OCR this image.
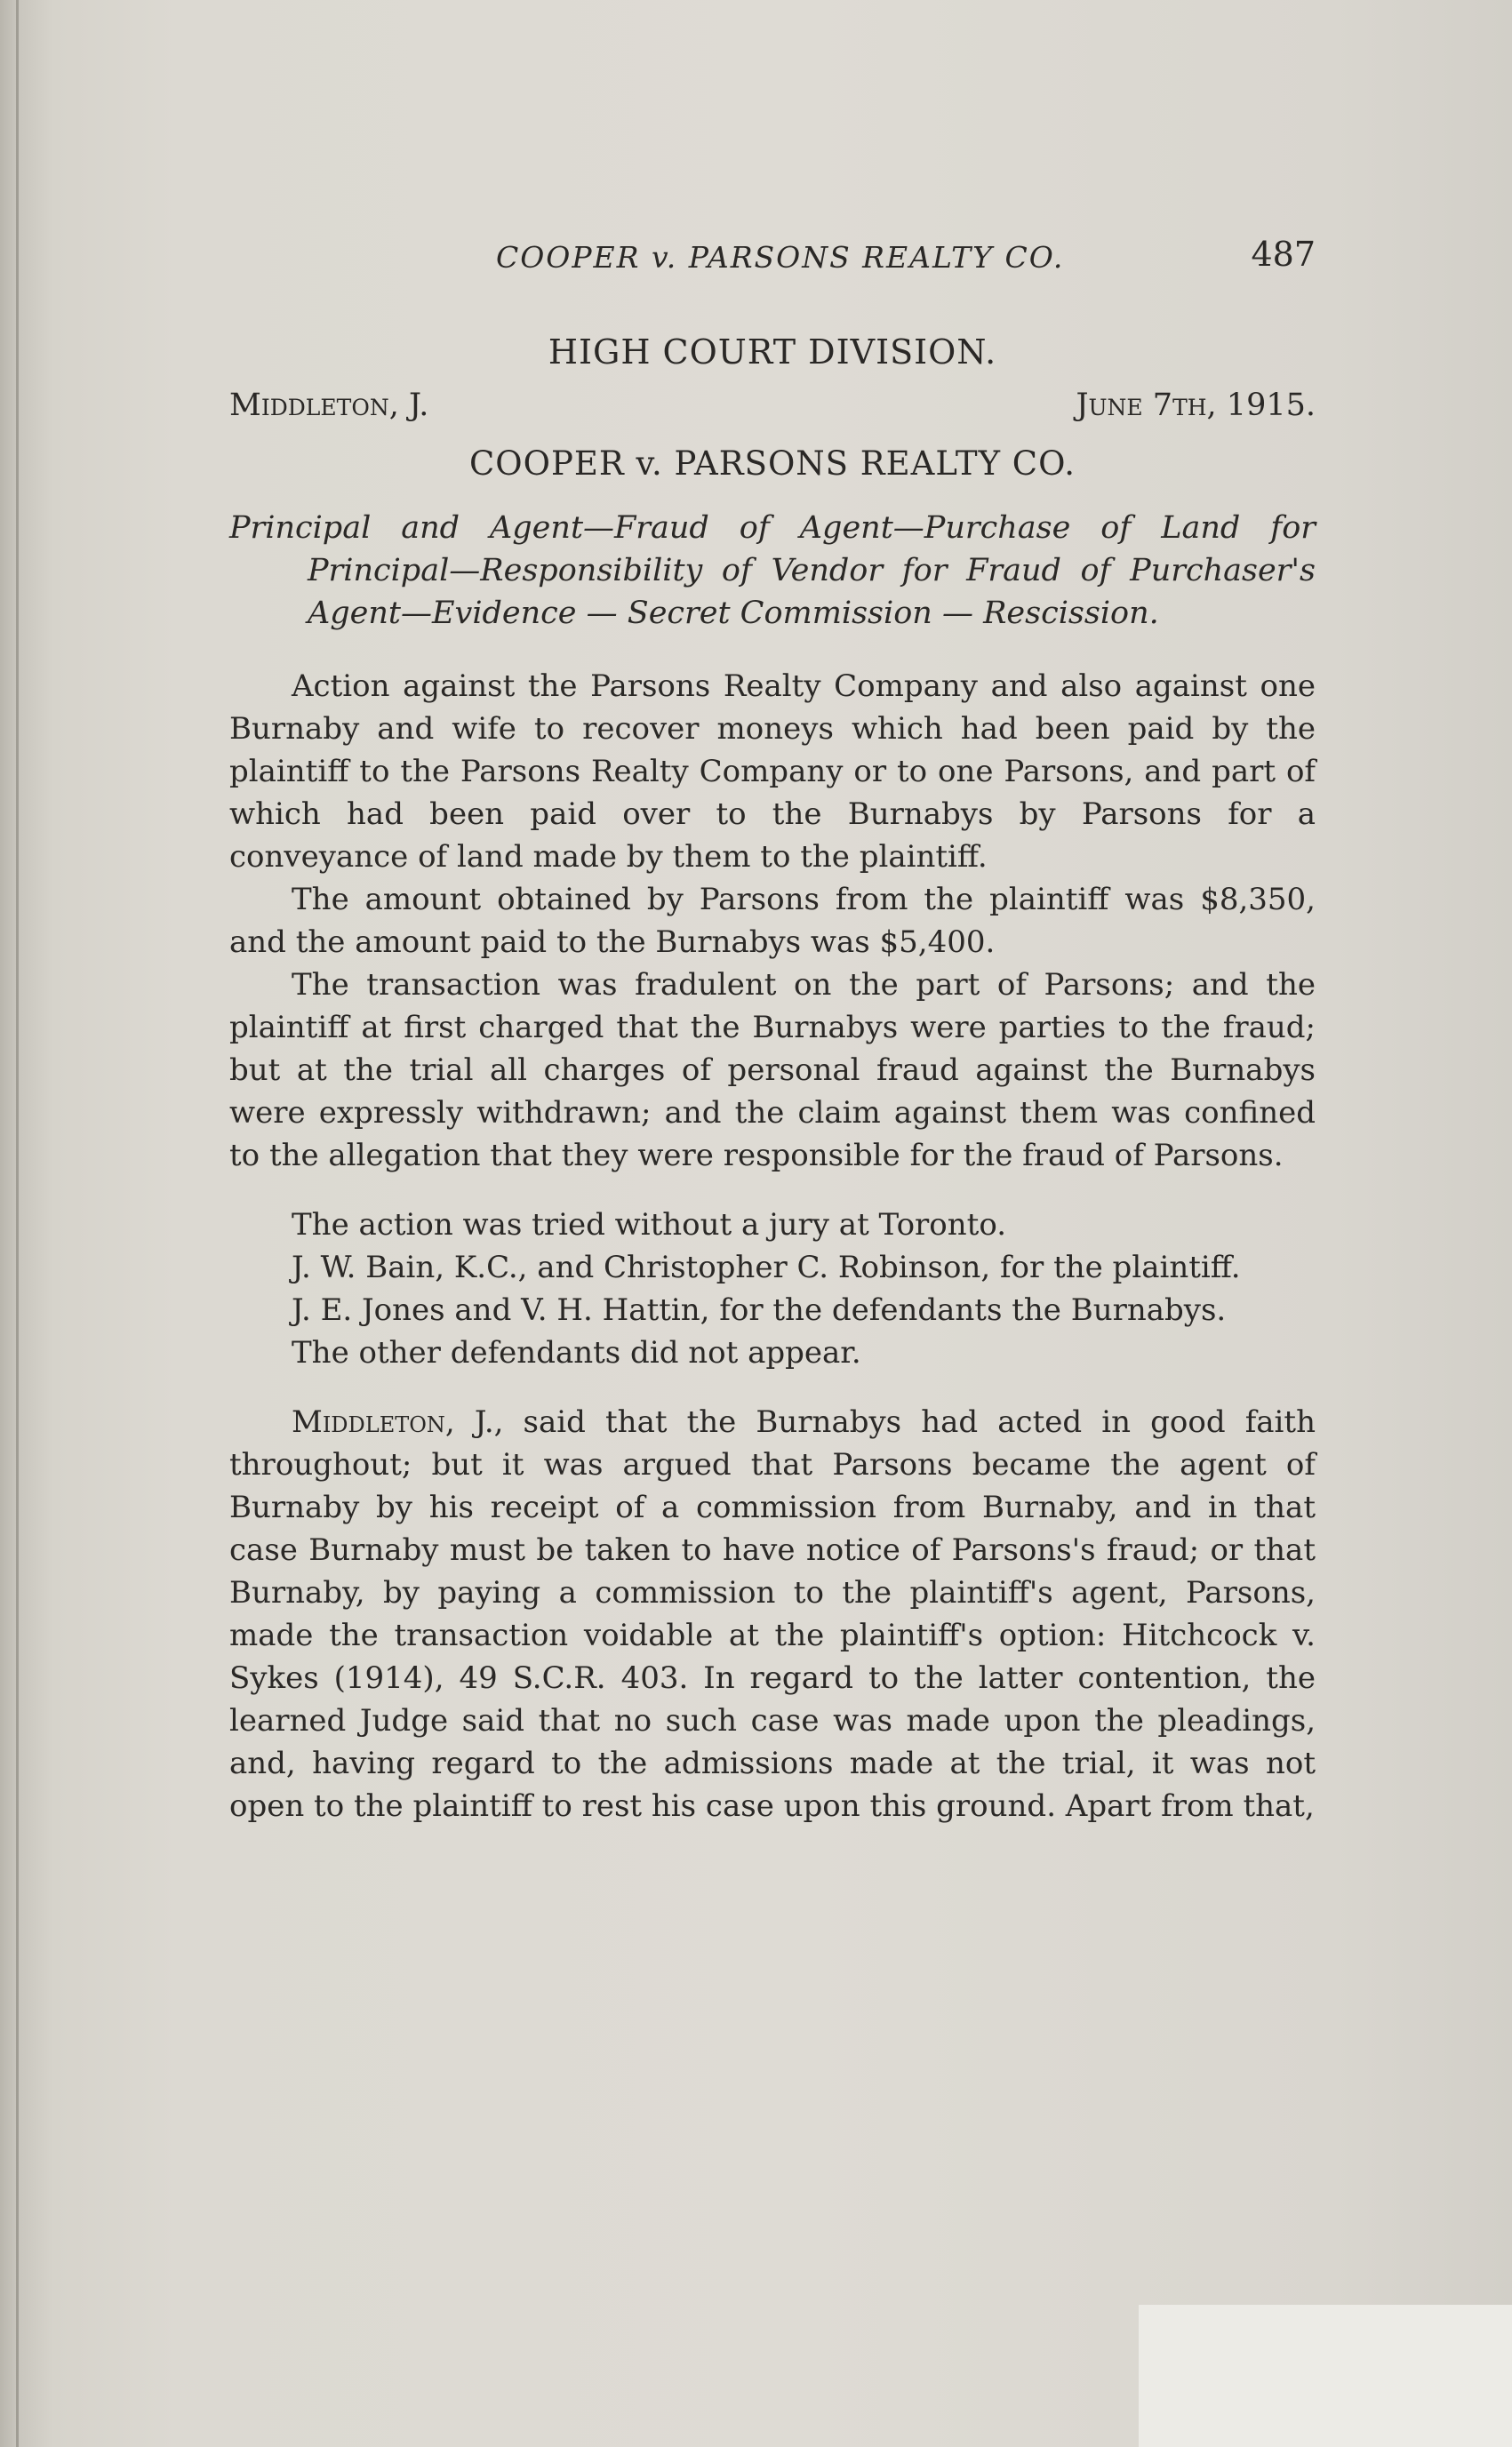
COOPER v. PARSONS REALTY CO.	487
HIGH COURT DIVISION.
Middleton, J.	June 7th, 1915.
COOPER v. PARSONS REALTY CO.
Principal and Agent—Fraud of Agent—Purchase of Land for Principal—Responsibility of Vendor for Fraud of Purchaser's Agent—Evidence — Secret Commission — Rescission.

Action against the Parsons Realty Company and also against one Burnaby and wife to recover moneys which had been paid by the plaintiff to the Parsons Realty Company or to one Parsons, and part of which had been paid over to the Burnabys by Parsons for a conveyance of land made by them to the plaintiff.

The amount obtained by Parsons from the plaintiff was $8,350, and the amount paid to the Burnabys was $5,400.

The transaction was fradulent on the part of Parsons; and the plaintiff at first charged that the Burnabys were parties to the fraud; but at the trial all charges of personal fraud against the Burnabys were expressly withdrawn; and the claim against them was confined to the allegation that they were responsible for the fraud of Parsons.

The action was tried without a jury at Toronto.

J. W. Bain, K.C., and Christopher C. Robinson, for the plaintiff.

J. E. Jones and V. H. Hattin, for the defendants the Burnabys.

The other defendants did not appear.

Middleton, J., said that the Burnabys had acted in good faith throughout; but it was argued that Parsons became the agent of Burnaby by his receipt of a commission from Burnaby, and in that case Burnaby must be taken to have notice of Parsons's fraud; or that Burnaby, by paying a commission to the plaintiff's agent, Parsons, made the transaction voidable at the plaintiff's option: Hitchcock v. Sykes (1914), 49 S.C.R. 403. In regard to the latter contention, the learned Judge said that no such case was made upon the pleadings, and, having regard to the admissions made at the trial, it was not open to the plaintiff to rest his case upon this ground. Apart from that,
